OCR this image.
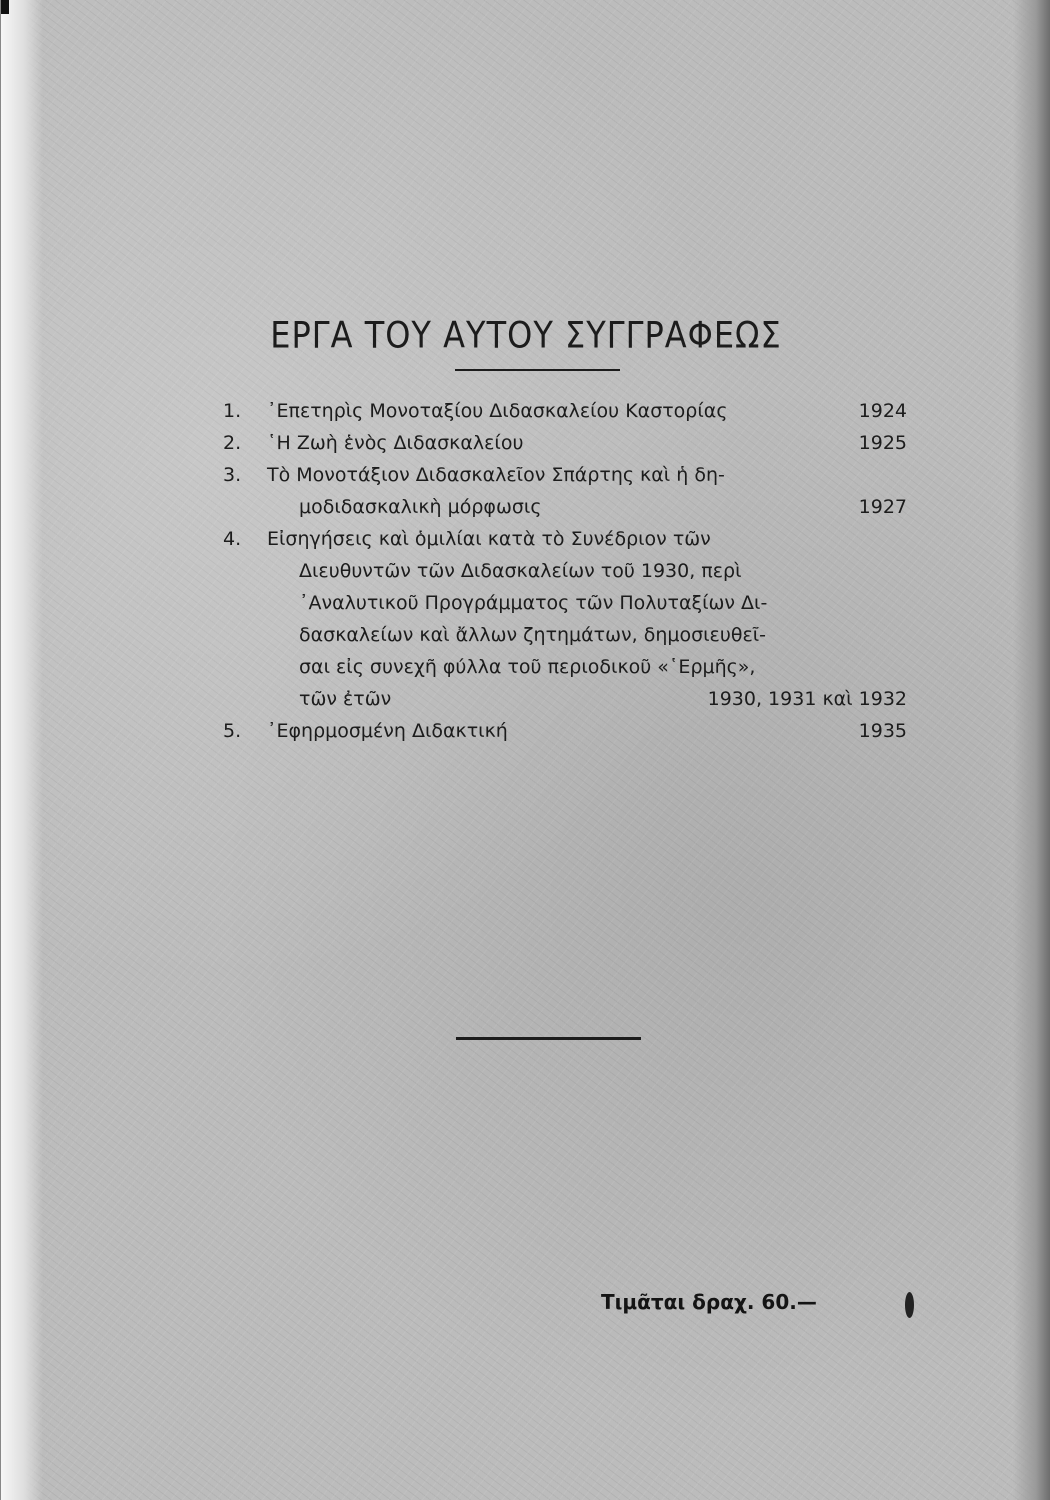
ΕΡΓΑ ΤΟΥ ΑΥΤΟΥ ΣΥΓΓΡΑΦΕΩΣ
1.	᾿Επετηρὶς Μονοταξίου Διδασκαλείου Καστορίας	1924
2.	῾Η Ζωὴ ἑνὸς Διδασκαλείου	1925
3.	Τὸ Μονοτάξιον Διδασκαλεῖον Σπάρτης καὶ ἡ δη-
μοδιδασκαλικὴ μόρφωσις	1927
4.	Εἰσηγήσεις καὶ ὁμιλίαι κατὰ τὸ Συνέδριον τῶν
Διευθυντῶν τῶν Διδασκαλείων τοῦ 1930, περὶ
᾿Αναλυτικοῦ Προγράμματος τῶν Πολυταξίων Δι-
δασκαλείων καὶ ἄλλων ζητημάτων, δημοσιευθεῖ-
σαι εἰς συνεχῆ φύλλα τοῦ περιοδικοῦ «῾Ερμῆς»,
τῶν ἐτῶν	1930, 1931 καὶ 1932
5.	᾿Εφηρμοσμένη Διδακτική	1935
Τιμᾶται δραχ. 60.—
